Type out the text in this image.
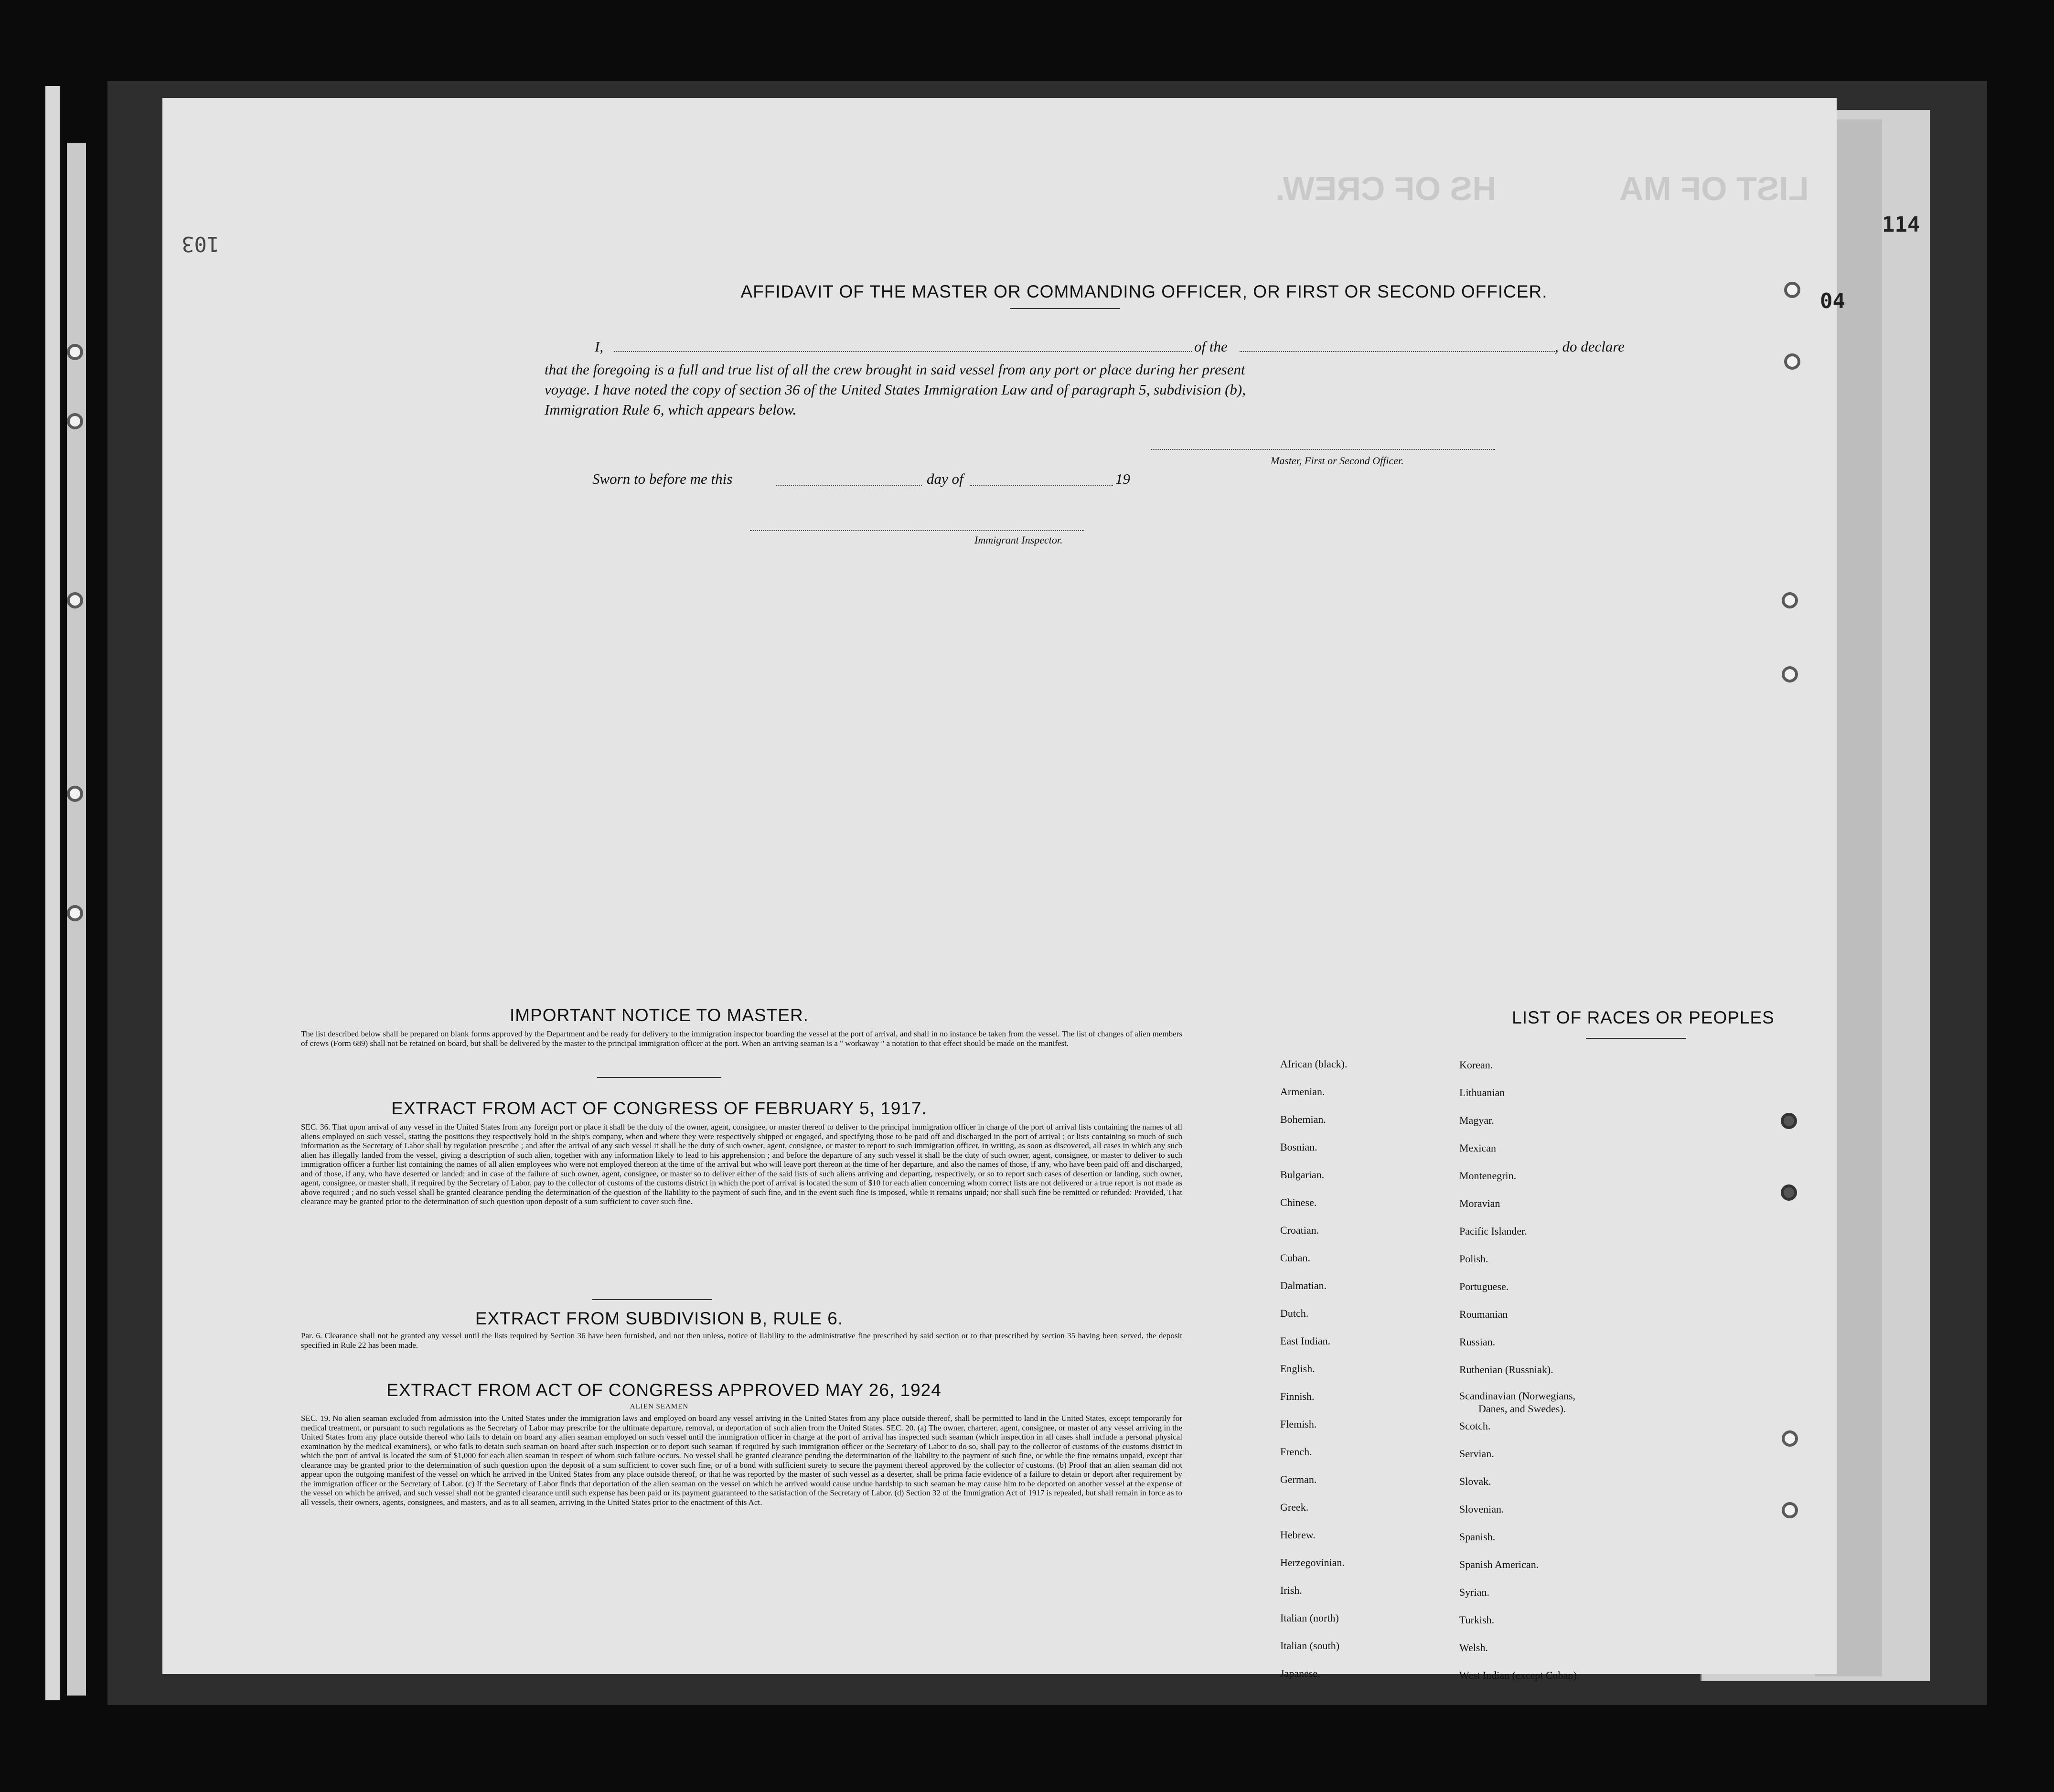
LIST OF MA
HS OF CREW.
103
114
04
AFFIDAVIT OF THE MASTER OR COMMANDING OFFICER, OR FIRST OR SECOND OFFICER.
I,	of the	, do declare
that the foregoing is a full and true list of all the crew brought in said vessel from any port or place during her present
voyage. I have noted the copy of section 36 of the United States Immigration Law and of paragraph 5, subdivision (b),
Immigration Rule 6, which appears below.
Master, First or Second Officer.
Sworn to before me this	day of	19
Immigrant Inspector.
IMPORTANT NOTICE TO MASTER.
The list described below shall be prepared on blank forms approved by the Department and be ready for delivery to the immigration inspector boarding the vessel at the port of arrival, and shall in no instance be taken from the vessel. The list of changes of alien members of crews (Form 689) shall not be retained on board, but shall be delivered by the master to the principal immigration officer at the port. When an arriving seaman is a " workaway " a notation to that effect should be made on the manifest.
EXTRACT FROM ACT OF CONGRESS OF FEBRUARY 5, 1917.
SEC. 36. That upon arrival of any vessel in the United States from any foreign port or place it shall be the duty of the owner, agent, consignee, or master thereof to deliver to the principal immigration officer in charge of the port of arrival lists containing the names of all aliens employed on such vessel, stating the positions they respectively hold in the ship's company, when and where they were respectively shipped or engaged, and specifying those to be paid off and discharged in the port of arrival ; or lists containing so much of such information as the Secretary of Labor shall by regulation prescribe ; and after the arrival of any such vessel it shall be the duty of such owner, agent, consignee, or master to report to such immigration officer, in writing, as soon as discovered, all cases in which any such alien has illegally landed from the vessel, giving a description of such alien, together with any information likely to lead to his apprehension ; and before the departure of any such vessel it shall be the duty of such owner, agent, consignee, or master to deliver to such immigration officer a further list containing the names of all alien employees who were not employed thereon at the time of the arrival but who will leave port thereon at the time of her departure, and also the names of those, if any, who have been paid off and discharged, and of those, if any, who have deserted or landed; and in case of the failure of such owner, agent, consignee, or master so to deliver either of the said lists of such aliens arriving and departing, respectively, or so to report such cases of desertion or landing, such owner, agent, consignee, or master shall, if required by the Secretary of Labor, pay to the collector of customs of the customs district in which the port of arrival is located the sum of $10 for each alien concerning whom correct lists are not delivered or a true report is not made as above required ; and no such vessel shall be granted clearance pending the determination of the question of the liability to the payment of such fine, and in the event such fine is imposed, while it remains unpaid; nor shall such fine be remitted or refunded: Provided, That clearance may be granted prior to the determination of such question upon deposit of a sum sufficient to cover such fine.
EXTRACT FROM SUBDIVISION B, RULE 6.
Par. 6. Clearance shall not be granted any vessel until the lists required by Section 36 have been furnished, and not then unless, notice of liability to the administrative fine prescribed by said section or to that prescribed by section 35 having been served, the deposit specified in Rule 22 has been made.
EXTRACT FROM ACT OF CONGRESS APPROVED MAY 26, 1924
ALIEN SEAMEN
SEC. 19. No alien seaman excluded from admission into the United States under the immigration laws and employed on board any vessel arriving in the United States from any place outside thereof, shall be permitted to land in the United States, except temporarily for medical treatment, or pursuant to such regulations as the Secretary of Labor may prescribe for the ultimate departure, removal, or deportation of such alien from the United States. SEC. 20. (a) The owner, charterer, agent, consignee, or master of any vessel arriving in the United States from any place outside thereof who fails to detain on board any alien seaman employed on such vessel until the immigration officer in charge at the port of arrival has inspected such seaman (which inspection in all cases shall include a personal physical examination by the medical examiners), or who fails to detain such seaman on board after such inspection or to deport such seaman if required by such immigration officer or the Secretary of Labor to do so, shall pay to the collector of customs of the customs district in which the port of arrival is located the sum of $1,000 for each alien seaman in respect of whom such failure occurs. No vessel shall be granted clearance pending the determination of the liability to the payment of such fine, or while the fine remains unpaid, except that clearance may be granted prior to the determination of such question upon the deposit of a sum sufficient to cover such fine, or of a bond with sufficient surety to secure the payment thereof approved by the collector of customs. (b) Proof that an alien seaman did not appear upon the outgoing manifest of the vessel on which he arrived in the United States from any place outside thereof, or that he was reported by the master of such vessel as a deserter, shall be prima facie evidence of a failure to detain or deport after requirement by the immigration officer or the Secretary of Labor. (c) If the Secretary of Labor finds that deportation of the alien seaman on the vessel on which he arrived would cause undue hardship to such seaman he may cause him to be deported on another vessel at the expense of the vessel on which he arrived, and such vessel shall not be granted clearance until such expense has been paid or its payment guaranteed to the satisfaction of the Secretary of Labor. (d) Section 32 of the Immigration Act of 1917 is repealed, but shall remain in force as to all vessels, their owners, agents, consignees, and masters, and as to all seamen, arriving in the United States prior to the enactment of this Act.
LIST OF RACES OR PEOPLES
African (black).
Armenian.
Bohemian.
Bosnian.
Bulgarian.
Chinese.
Croatian.
Cuban.
Dalmatian.
Dutch.
East Indian.
English.
Finnish.
Flemish.
French.
German.
Greek.
Hebrew.
Herzegovinian.
Irish.
Italian (north)
Italian (south)
Japanese.
Korean.
Lithuanian
Magyar.
Mexican
Montenegrin.
Moravian
Pacific Islander.
Polish.
Portuguese.
Roumanian
Russian.
Ruthenian (Russniak).
Scandinavian (Norwegians,
Danes, and Swedes).
Scotch.
Servian.
Slovak.
Slovenian.
Spanish.
Spanish American.
Syrian.
Turkish.
Welsh.
West Indian (except Cuban).
